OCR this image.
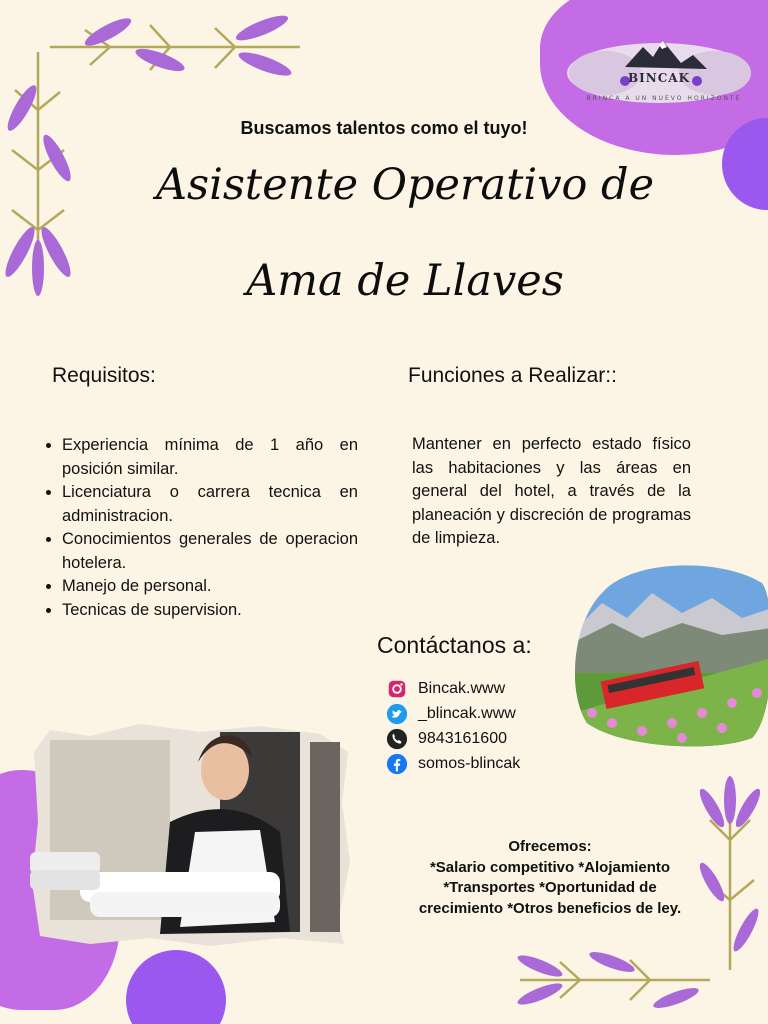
BINCAK
BRINCA A UN NUEVO HORIZONTE
Buscamos talentos como el tuyo!
Asistente Operativo de
Ama de Llaves
Requisitos:
• Experiencia mínima de 1 año en posición similar.
• Licenciatura o carrera tecnica en administracion.
• Conocimientos generales de operacion hotelera.
• Manejo de personal.
• Tecnicas de supervision.
Funciones a Realizar::
Mantener en perfecto estado físico las habitaciones y las áreas en general del hotel, a través de la planeación y discreción de programas de limpieza.
Contáctanos a:
Bincak.www
_blincak.www
9843161600
somos-blincak
Ofrecemos:
*Salario competitivo *Alojamiento
*Transportes *Oportunidad de
crecimiento *Otros beneficios de ley.
